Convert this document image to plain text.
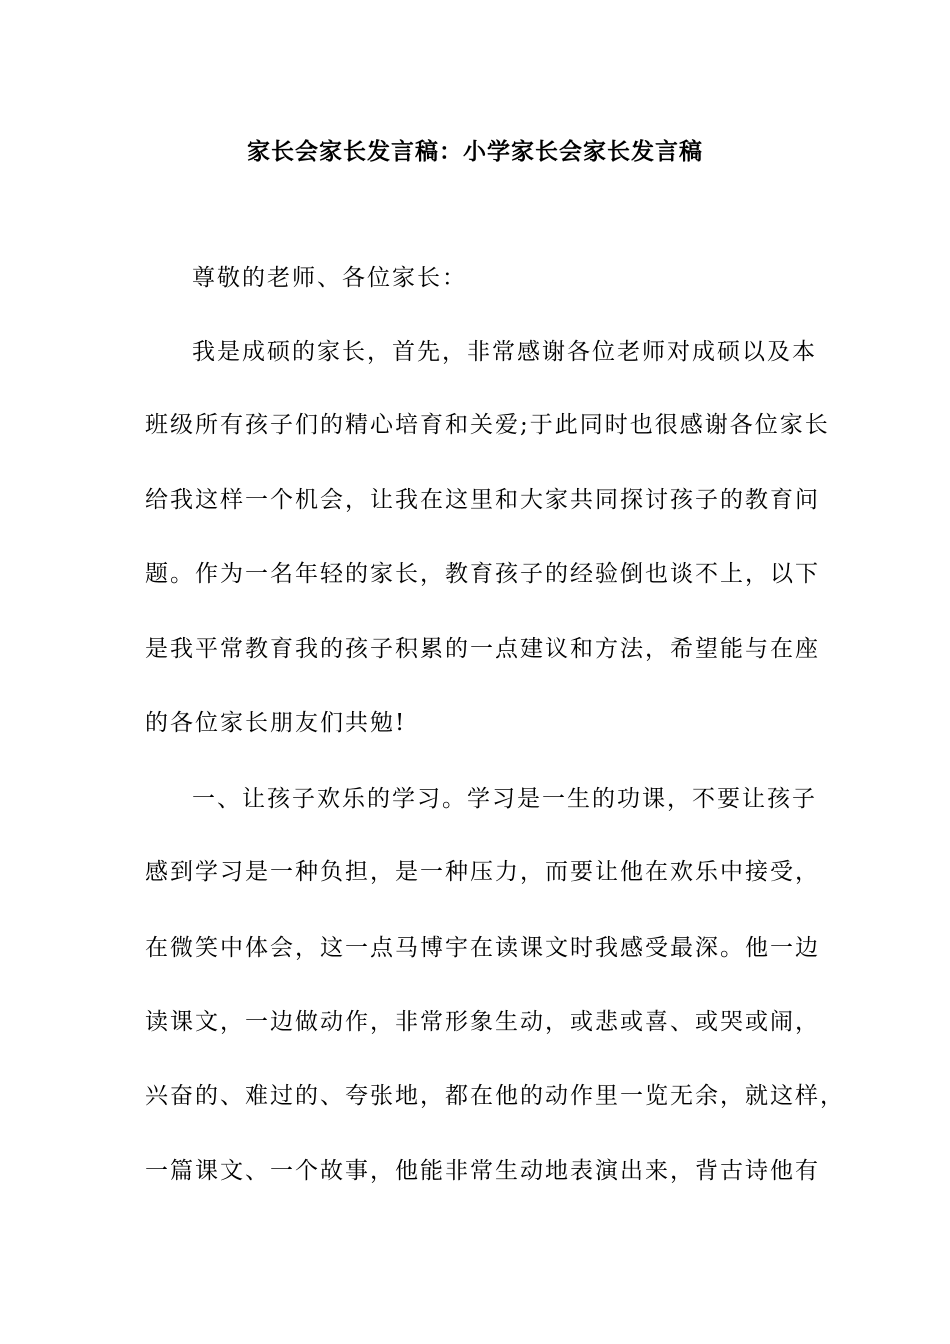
家长会家长发言稿：小学家长会家长发言稿
尊敬的老师、各位家长：
我是成硕的家长，首先，非常感谢各位老师对成硕以及本
班级所有孩子们的精心培育和关爱;于此同时也很感谢各位家长
给我这样一个机会，让我在这里和大家共同探讨孩子的教育问
题。作为一名年轻的家长，教育孩子的经验倒也谈不上，以下
是我平常教育我的孩子积累的一点建议和方法，希望能与在座
的各位家长朋友们共勉!
一、让孩子欢乐的学习。学习是一生的功课，不要让孩子
感到学习是一种负担，是一种压力，而要让他在欢乐中接受，
在微笑中体会，这一点马博宇在读课文时我感受最深。他一边
读课文，一边做动作，非常形象生动，或悲或喜、或哭或闹，
兴奋的、难过的、夸张地，都在他的动作里一览无余，就这样，
一篇课文、一个故事，他能非常生动地表演出来，背古诗他有
